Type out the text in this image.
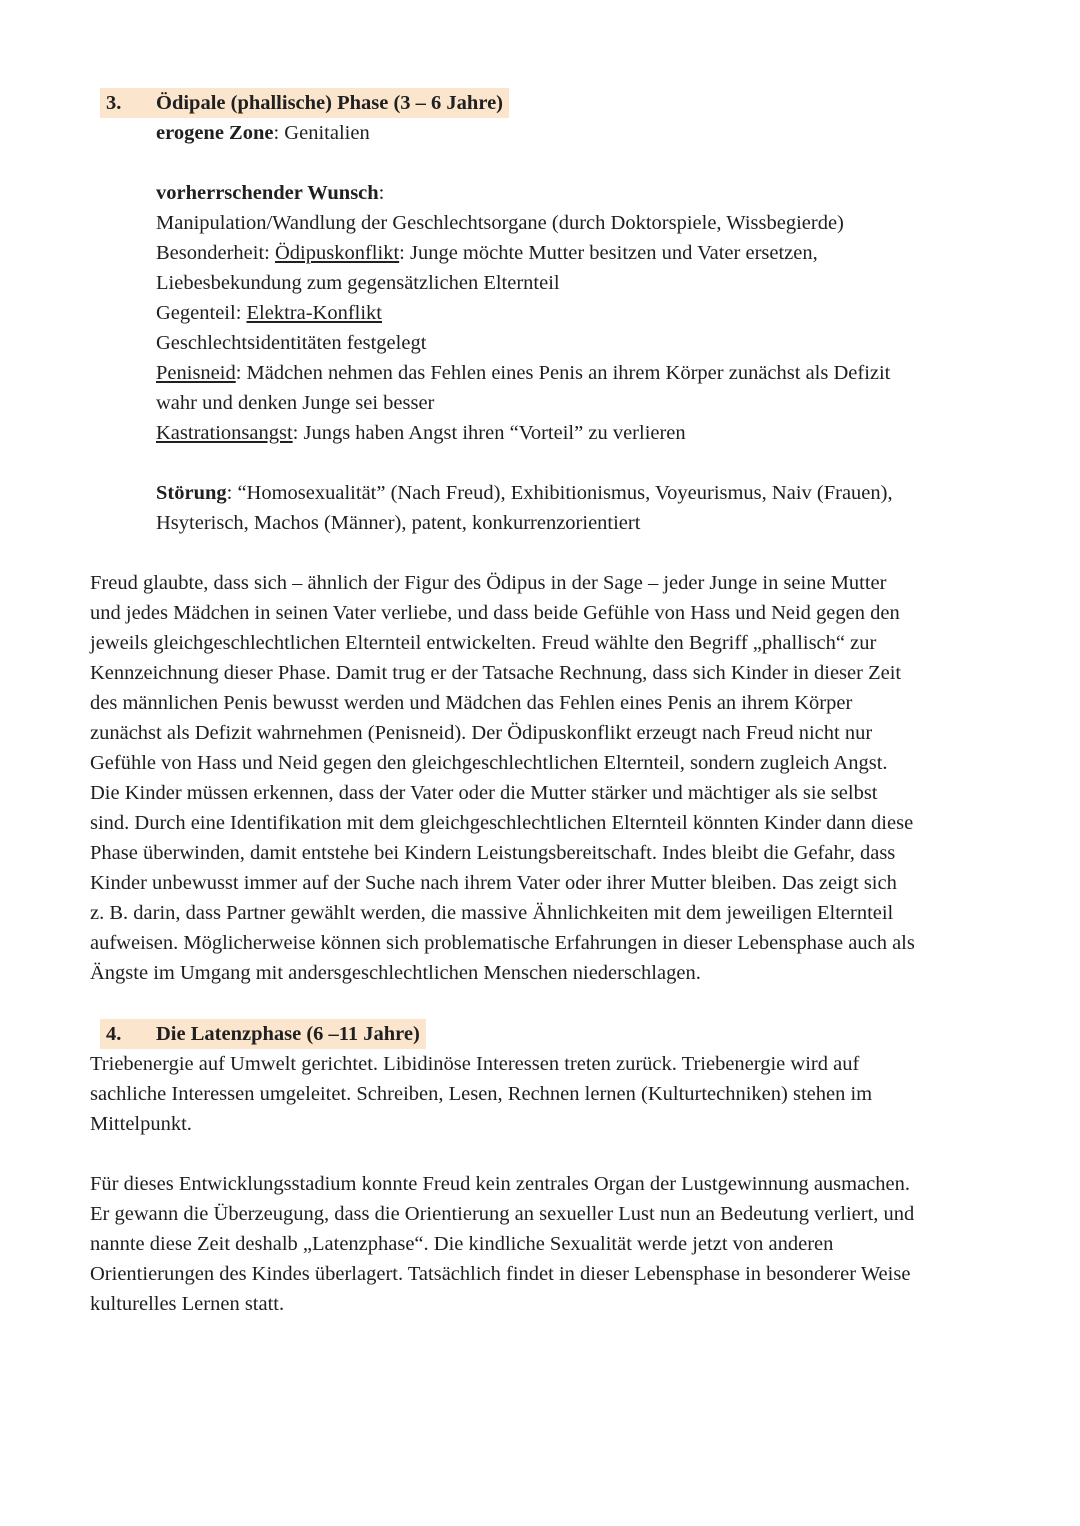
3. Ödipale (phallische) Phase (3 – 6 Jahre)
erogene Zone: Genitalien
vorherrschender Wunsch:
Manipulation/Wandlung der Geschlechtsorgane (durch Doktorspiele, Wissbegierde)
Besonderheit: Ödipuskonflikt: Junge möchte Mutter besitzen und Vater ersetzen,
Liebesbekundung zum gegensätzlichen Elternteil
Gegenteil: Elektra-Konflikt
Geschlechtsidentitäten festgelegt
Penisneid: Mädchen nehmen das Fehlen eines Penis an ihrem Körper zunächst als Defizit
wahr und denken Junge sei besser
Kastrationsangst: Jungs haben Angst ihren “Vorteil” zu verlieren
Störung: “Homosexualität” (Nach Freud), Exhibitionismus, Voyeurismus, Naiv (Frauen),
Hsyterisch, Machos (Männer), patent, konkurrenzorientiert
Freud glaubte, dass sich – ähnlich der Figur des Ödipus in der Sage – jeder Junge in seine Mutter
und jedes Mädchen in seinen Vater verliebe, und dass beide Gefühle von Hass und Neid gegen den
jeweils gleichgeschlechtlichen Elternteil entwickelten. Freud wählte den Begriff „phallisch“ zur
Kennzeichnung dieser Phase. Damit trug er der Tatsache Rechnung, dass sich Kinder in dieser Zeit
des männlichen Penis bewusst werden und Mädchen das Fehlen eines Penis an ihrem Körper
zunächst als Defizit wahrnehmen (Penisneid). Der Ödipuskonflikt erzeugt nach Freud nicht nur
Gefühle von Hass und Neid gegen den gleichgeschlechtlichen Elternteil, sondern zugleich Angst.
Die Kinder müssen erkennen, dass der Vater oder die Mutter stärker und mächtiger als sie selbst
sind. Durch eine Identifikation mit dem gleichgeschlechtlichen Elternteil könnten Kinder dann diese
Phase überwinden, damit entstehe bei Kindern Leistungsbereitschaft. Indes bleibt die Gefahr, dass
Kinder unbewusst immer auf der Suche nach ihrem Vater oder ihrer Mutter bleiben. Das zeigt sich
z. B. darin, dass Partner gewählt werden, die massive Ähnlichkeiten mit dem jeweiligen Elternteil
aufweisen. Möglicherweise können sich problematische Erfahrungen in dieser Lebensphase auch als
Ängste im Umgang mit andersgeschlechtlichen Menschen niederschlagen.
4. Die Latenzphase (6 –11 Jahre)
Triebenergie auf Umwelt gerichtet. Libidinöse Interessen treten zurück. Triebenergie wird auf
sachliche Interessen umgeleitet. Schreiben, Lesen, Rechnen lernen (Kulturtechniken) stehen im
Mittelpunkt.
Für dieses Entwicklungsstadium konnte Freud kein zentrales Organ der Lustgewinnung ausmachen.
Er gewann die Überzeugung, dass die Orientierung an sexueller Lust nun an Bedeutung verliert, und
nannte diese Zeit deshalb „Latenzphase“. Die kindliche Sexualität werde jetzt von anderen
Orientierungen des Kindes überlagert. Tatsächlich findet in dieser Lebensphase in besonderer Weise
kulturelles Lernen statt.
